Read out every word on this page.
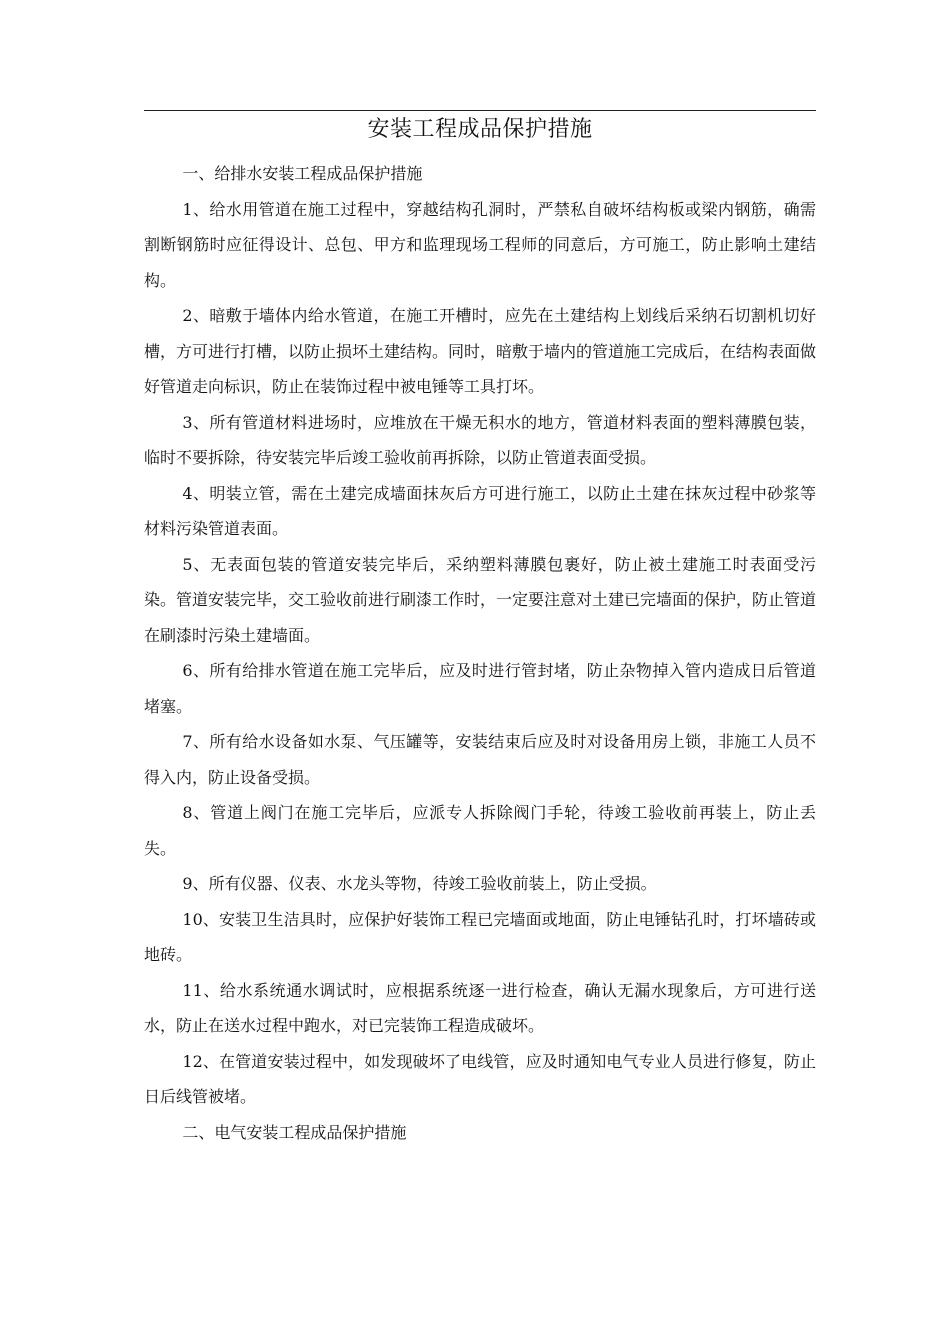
安装工程成品保护措施

一、给排水安装工程成品保护措施

1、给水用管道在施工过程中，穿越结构孔洞时，严禁私自破坏结构板或梁内钢筋，确需割断钢筋时应征得设计、总包、甲方和监理现场工程师的同意后，方可施工，防止影响土建结构。

2、暗敷于墙体内给水管道，在施工开槽时，应先在土建结构上划线后采纳石切割机切好槽，方可进行打槽，以防止损坏土建结构。同时，暗敷于墙内的管道施工完成后，在结构表面做好管道走向标识，防止在装饰过程中被电锤等工具打坏。

3、所有管道材料进场时，应堆放在干燥无积水的地方，管道材料表面的塑料薄膜包装，临时不要拆除，待安装完毕后竣工验收前再拆除，以防止管道表面受损。

4、明装立管，需在土建完成墙面抹灰后方可进行施工，以防止土建在抹灰过程中砂浆等材料污染管道表面。

5、无表面包装的管道安装完毕后，采纳塑料薄膜包裹好，防止被土建施工时表面受污染。管道安装完毕，交工验收前进行刷漆工作时，一定要注意对土建已完墙面的保护，防止管道在刷漆时污染土建墙面。

6、所有给排水管道在施工完毕后，应及时进行管封堵，防止杂物掉入管内造成日后管道堵塞。

7、所有给水设备如水泵、气压罐等，安装结束后应及时对设备用房上锁，非施工人员不得入内，防止设备受损。

8、管道上阀门在施工完毕后，应派专人拆除阀门手轮，待竣工验收前再装上，防止丢失。

9、所有仪器、仪表、水龙头等物，待竣工验收前装上，防止受损。

10、安装卫生洁具时，应保护好装饰工程已完墙面或地面，防止电锤钻孔时，打坏墙砖或地砖。

11、给水系统通水调试时，应根据系统逐一进行检查，确认无漏水现象后，方可进行送水，防止在送水过程中跑水，对已完装饰工程造成破坏。

12、在管道安装过程中，如发现破坏了电线管，应及时通知电气专业人员进行修复，防止日后线管被堵。

二、电气安装工程成品保护措施
